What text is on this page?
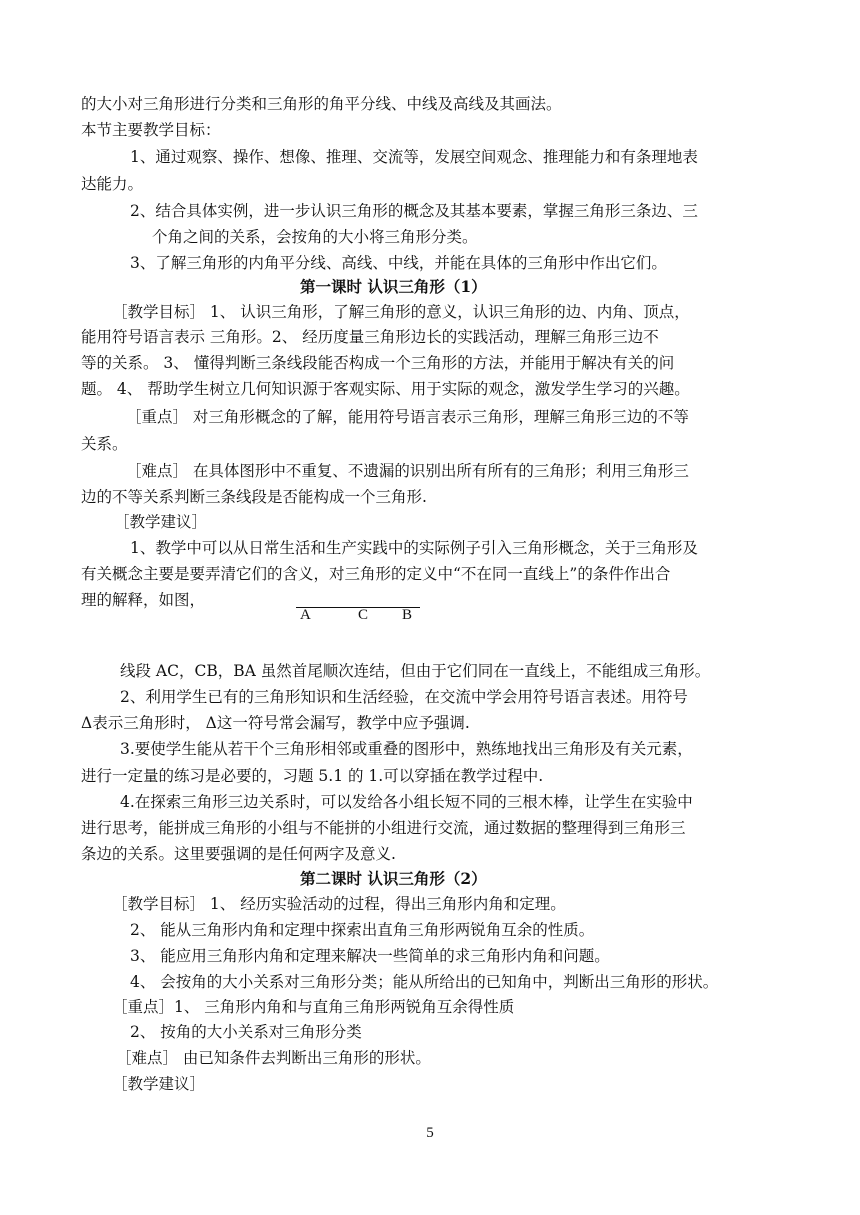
的大小对三角形进行分类和三角形的角平分线、中线及高线及其画法。
本节主要教学目标：
1、通过观察、操作、想像、推理、交流等，发展空间观念、推理能力和有条理地表
达能力。
2、结合具体实例，进一步认识三角形的概念及其基本要素，掌握三角形三条边、三
个角之间的关系，会按角的大小将三角形分类。
3、了解三角形的内角平分线、高线、中线，并能在具体的三角形中作出它们。
第一课时 认识三角形（1）
［教学目标］ 1、 认识三角形，了解三角形的意义，认识三角形的边、内角、顶点，
能用符号语言表示 三角形。2、 经历度量三角形边长的实践活动，理解三角形三边不
等的关系。 3、 懂得判断三条线段能否构成一个三角形的方法，并能用于解决有关的问
题。 4、 帮助学生树立几何知识源于客观实际、用于实际的观念，激发学生学习的兴趣。
［重点］ 对三角形概念的了解，能用符号语言表示三角形，理解三角形三边的不等
关系。
［难点］ 在具体图形中不重复、不遗漏的识别出所有所有的三角形；利用三角形三
边的不等关系判断三条线段是否能构成一个三角形.
［教学建议］
1、教学中可以从日常生活和生产实践中的实际例子引入三角形概念，关于三角形及
有关概念主要是要弄清它们的含义，对三角形的定义中“不在同一直线上”的条件作出合
理的解释，如图，
A	C B
线段 AC，CB，BA 虽然首尾顺次连结，但由于它们同在一直线上，不能组成三角形。
2、利用学生已有的三角形知识和生活经验，在交流中学会用符号语言表述。用符号
Δ表示三角形时， Δ这一符号常会漏写，教学中应予强调.
3.要使学生能从若干个三角形相邻或重叠的图形中，熟练地找出三角形及有关元素，
进行一定量的练习是必要的，习题 5.1 的 1.可以穿插在教学过程中.
4.在探索三角形三边关系时，可以发给各小组长短不同的三根木棒，让学生在实验中
进行思考，能拼成三角形的小组与不能拼的小组进行交流，通过数据的整理得到三角形三
条边的关系。这里要强调的是任何两字及意义.
第二课时 认识三角形（2）
［教学目标］ 1、 经历实验活动的过程，得出三角形内角和定理。
2、 能从三角形内角和定理中探索出直角三角形两锐角互余的性质。
3、 能应用三角形内角和定理来解决一些简单的求三角形内角和问题。
4、 会按角的大小关系对三角形分类；能从所给出的已知角中，判断出三角形的形状。
［重点］1、 三角形内角和与直角三角形两锐角互余得性质
2、 按角的大小关系对三角形分类
［难点］ 由已知条件去判断出三角形的形状。
［教学建议］
5
